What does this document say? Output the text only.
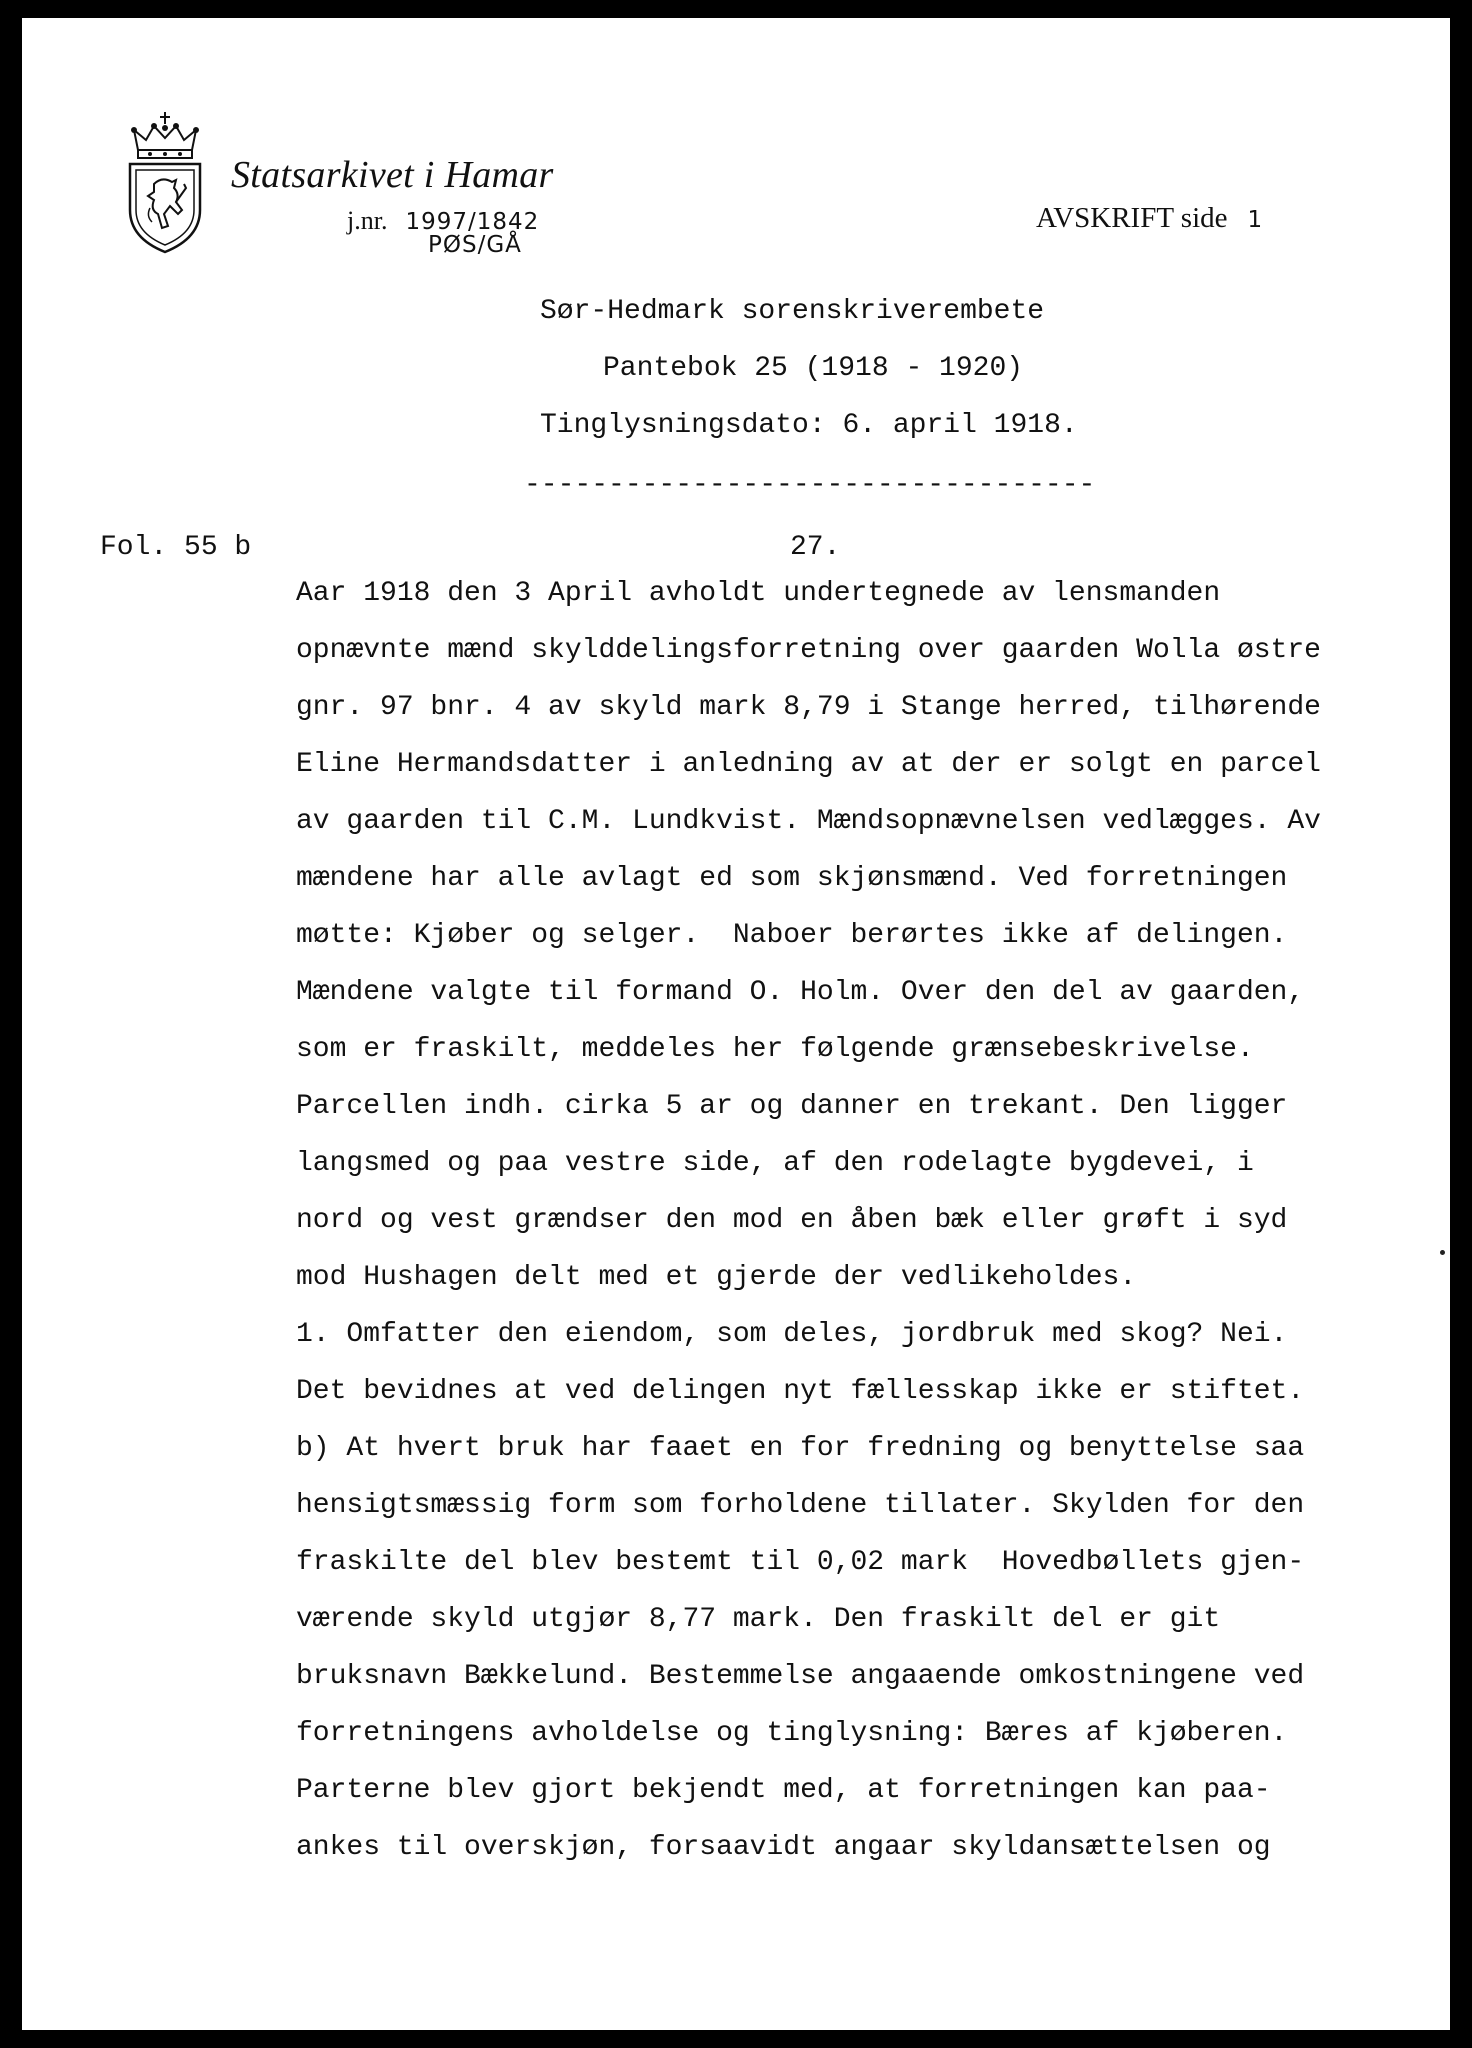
Statsarkivet i Hamar
j.nr. 1997/1842
PØS/GÅ
AVSKRIFT side 1
Sør-Hedmark sorenskriverembete
Pantebok 25 (1918 - 1920)
Tinglysningsdato: 6. april 1918.
----------------------------------
Fol. 55 b	27.
Aar 1918 den 3 April avholdt undertegnede av lensmanden
opnævnte mænd skylddelingsforretning over gaarden Wolla østre
gnr. 97 bnr. 4 av skyld mark 8,79 i Stange herred, tilhørende
Eline Hermandsdatter i anledning av at der er solgt en parcel
av gaarden til C.M. Lundkvist. Mændsopnævnelsen vedlægges. Av
mændene har alle avlagt ed som skjønsmænd. Ved forretningen
møtte: Kjøber og selger.  Naboer berørtes ikke af delingen.
Mændene valgte til formand O. Holm. Over den del av gaarden,
som er fraskilt, meddeles her følgende grænsebeskrivelse.
Parcellen indh. cirka 5 ar og danner en trekant. Den ligger
langsmed og paa vestre side, af den rodelagte bygdevei, i
nord og vest grændser den mod en åben bæk eller grøft i syd
mod Hushagen delt med et gjerde der vedlikeholdes.
1. Omfatter den eiendom, som deles, jordbruk med skog? Nei.
Det bevidnes at ved delingen nyt fællesskap ikke er stiftet.
b) At hvert bruk har faaet en for fredning og benyttelse saa
hensigtsmæssig form som forholdene tillater. Skylden for den
fraskilte del blev bestemt til 0,02 mark  Hovedbøllets gjen-
værende skyld utgjør 8,77 mark. Den fraskilt del er git
bruksnavn Bækkelund. Bestemmelse angaaende omkostningene ved
forretningens avholdelse og tinglysning: Bæres af kjøberen.
Parterne blev gjort bekjendt med, at forretningen kan paa-
ankes til overskjøn, forsaavidt angaar skyldansættelsen og
